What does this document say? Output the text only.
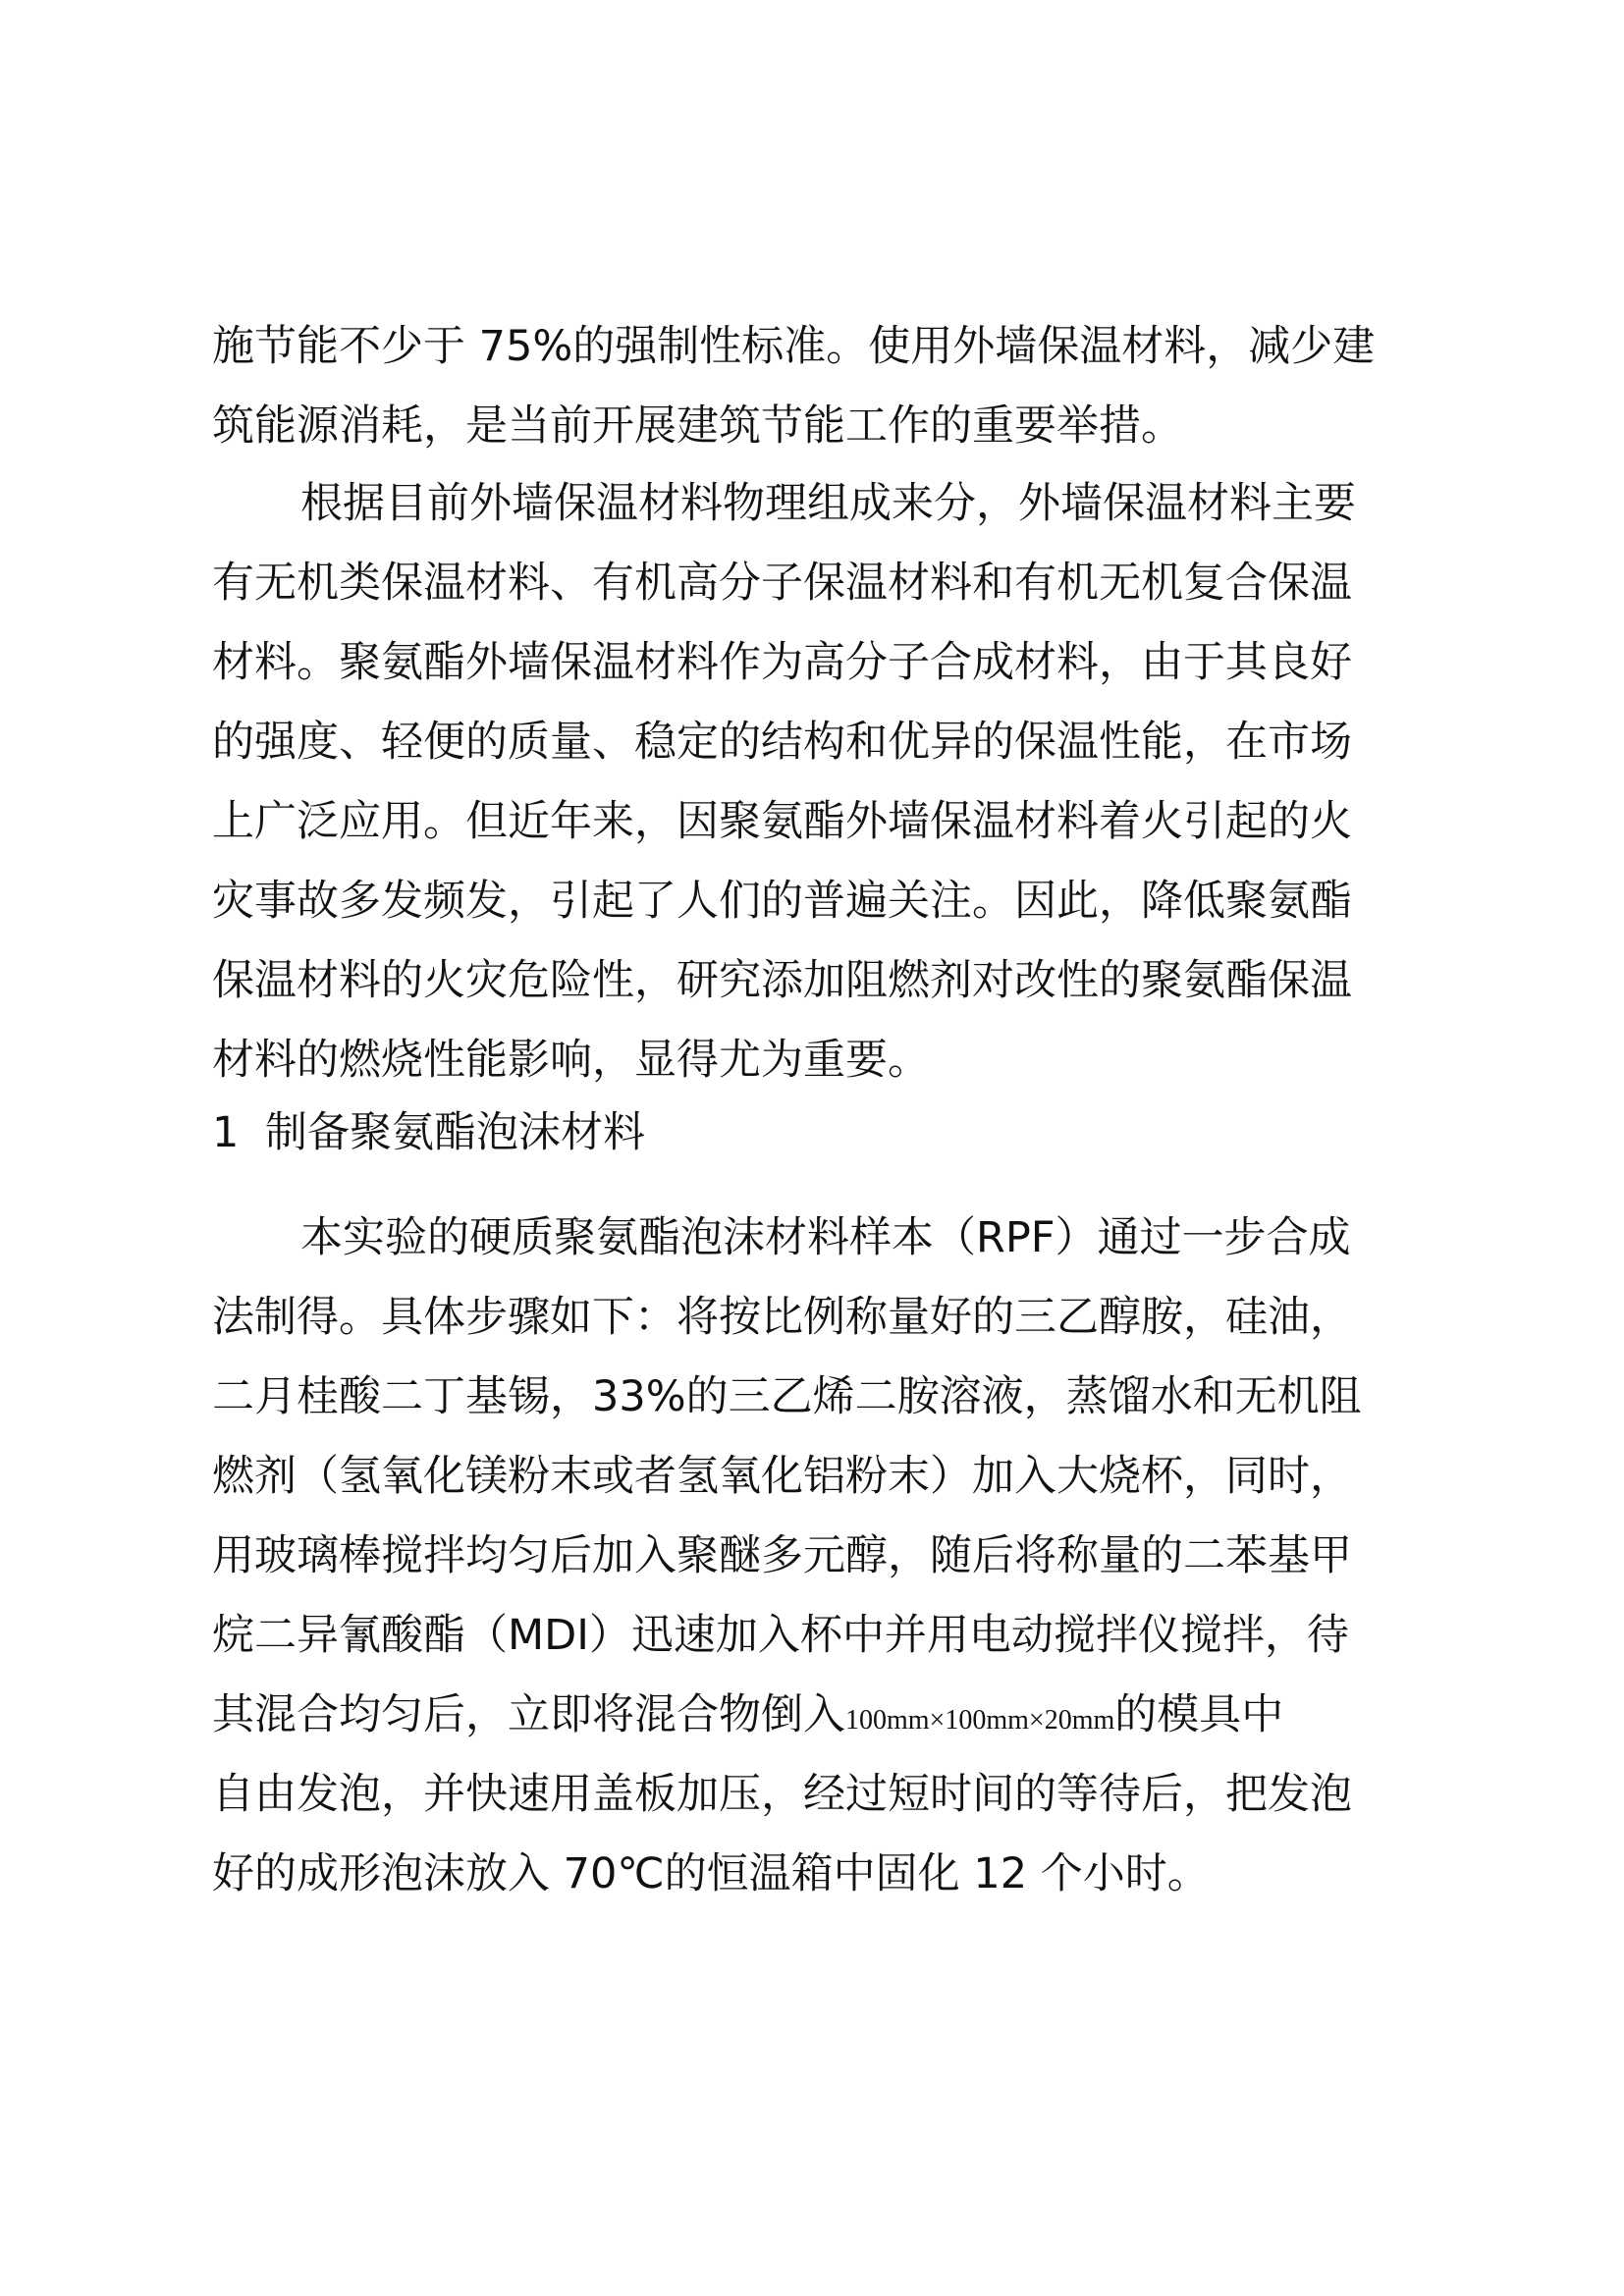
施节能不少于 75%的强制性标准。使用外墙保温材料，减少建
筑能源消耗，是当前开展建筑节能工作的重要举措。
根据目前外墙保温材料物理组成来分，外墙保温材料主要
有无机类保温材料、有机高分子保温材料和有机无机复合保温
材料。聚氨酯外墙保温材料作为高分子合成材料，由于其良好
的强度、轻便的质量、稳定的结构和优异的保温性能，在市场
上广泛应用。但近年来，因聚氨酯外墙保温材料着火引起的火
灾事故多发频发，引起了人们的普遍关注。因此，降低聚氨酯
保温材料的火灾危险性，研究添加阻燃剂对改性的聚氨酯保温
材料的燃烧性能影响，显得尤为重要。
1 制备聚氨酯泡沫材料
本实验的硬质聚氨酯泡沫材料样本（RPF）通过一步合成
法制得。具体步骤如下：将按比例称量好的三乙醇胺，硅油，
二月桂酸二丁基锡，33%的三乙烯二胺溶液，蒸馏水和无机阻
燃剂（氢氧化镁粉末或者氢氧化铝粉末）加入大烧杯，同时，
用玻璃棒搅拌均匀后加入聚醚多元醇，随后将称量的二苯基甲
烷二异氰酸酯（MDI）迅速加入杯中并用电动搅拌仪搅拌，待
其混合均匀后，立即将混合物倒入100mm×100mm×20mm的模具中
自由发泡，并快速用盖板加压，经过短时间的等待后，把发泡
好的成形泡沫放入 70℃的恒温箱中固化 12 个小时。
